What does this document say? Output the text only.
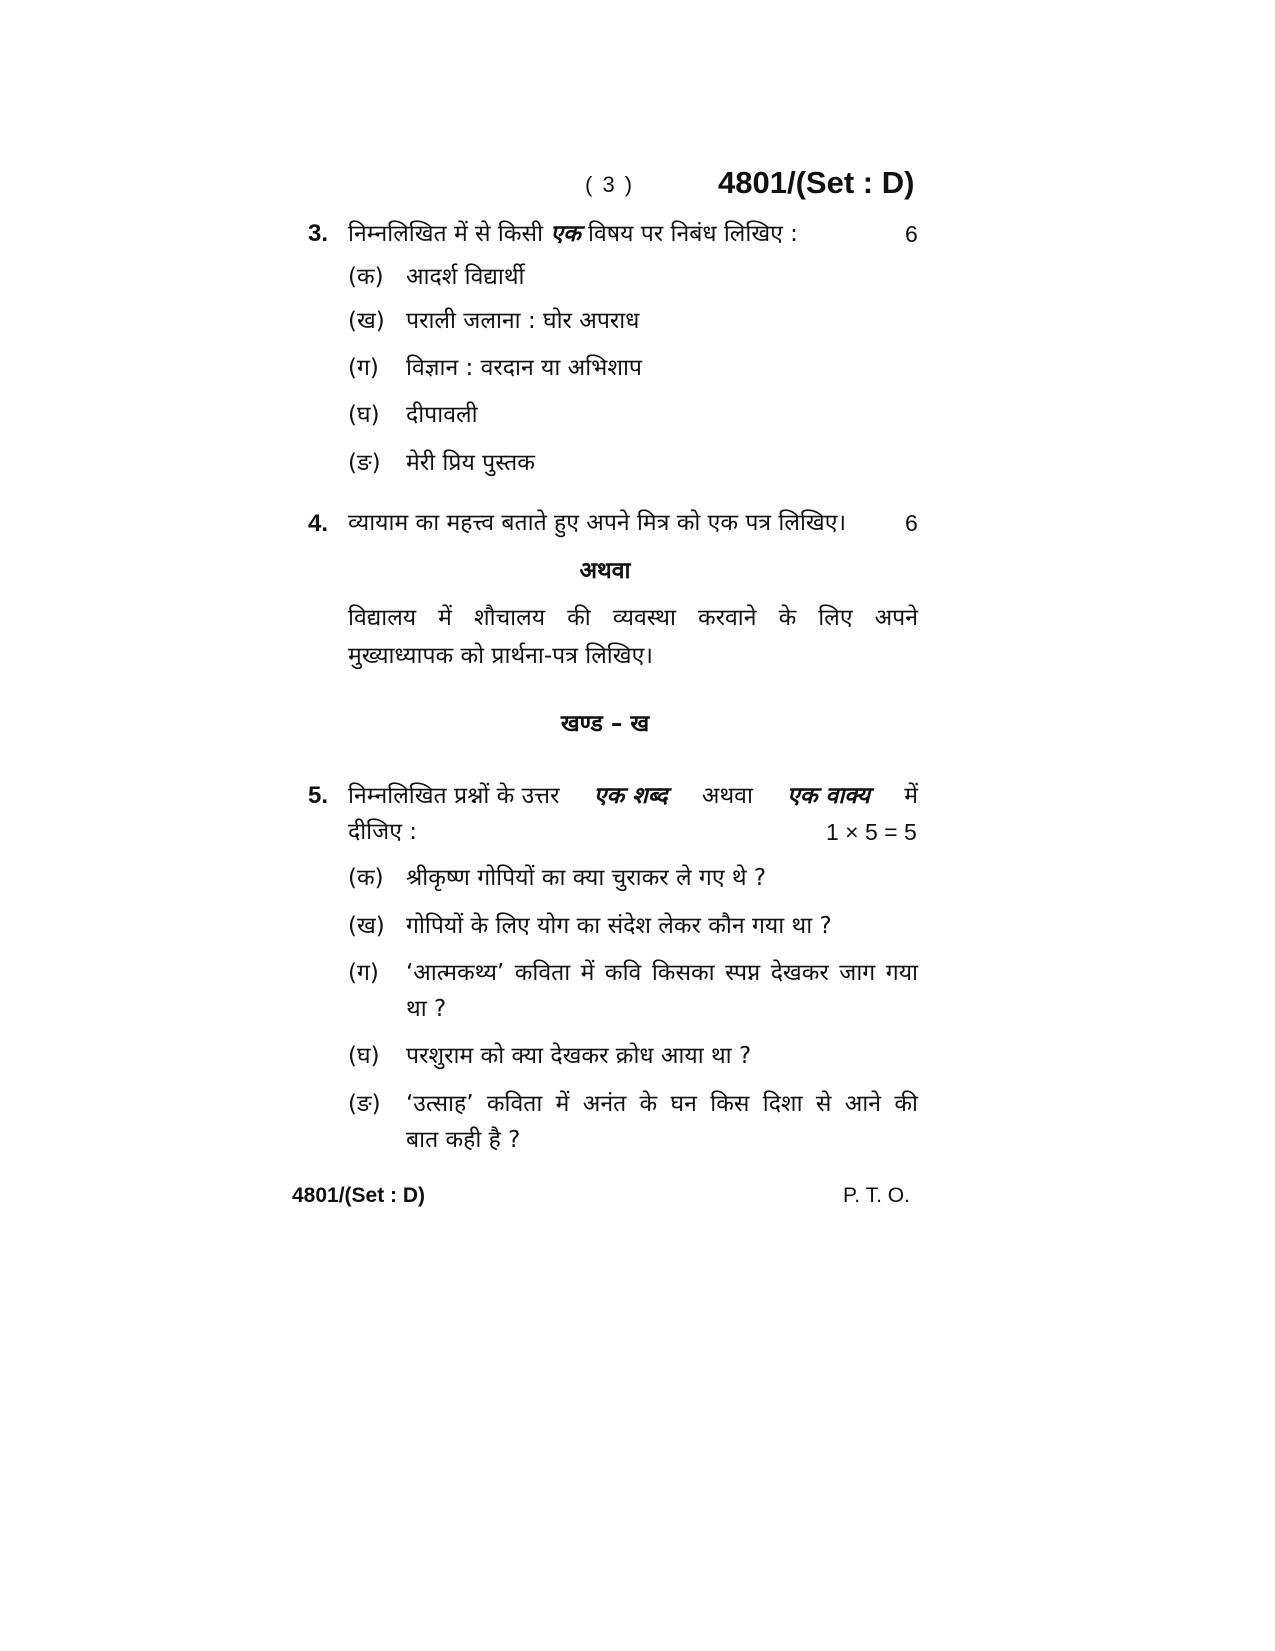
( 3 )	4801/(Set : D)
3. निम्नलिखित में से किसी एक विषय पर निबंध लिखिए :	6
(क) आदर्श विद्यार्थी
(ख) पराली जलाना : घोर अपराध
(ग) विज्ञान : वरदान या अभिशाप
(घ) दीपावली
(ङ) मेरी प्रिय पुस्तक
4. व्यायाम का महत्त्व बताते हुए अपने मित्र को एक पत्र लिखिए।	6
अथवा
विद्यालय में शौचालय की व्यवस्था करवाने के लिए अपने
मुख्याध्यापक को प्रार्थना-पत्र लिखिए।
खण्ड – ख
5. निम्नलिखित प्रश्नों के उत्तर एक शब्द अथवा एक वाक्य में
दीजिए :	1 × 5 = 5
(क) श्रीकृष्ण गोपियों का क्या चुराकर ले गए थे ?
(ख) गोपियों के लिए योग का संदेश लेकर कौन गया था ?
(ग) ‘आत्मकथ्य’ कविता में कवि किसका स्पप्न देखकर जाग गया
था ?
(घ) परशुराम को क्या देखकर क्रोध आया था ?
(ङ) ‘उत्साह’ कविता में अनंत के घन किस दिशा से आने की
बात कही है ?
4801/(Set : D)	P. T. O.
